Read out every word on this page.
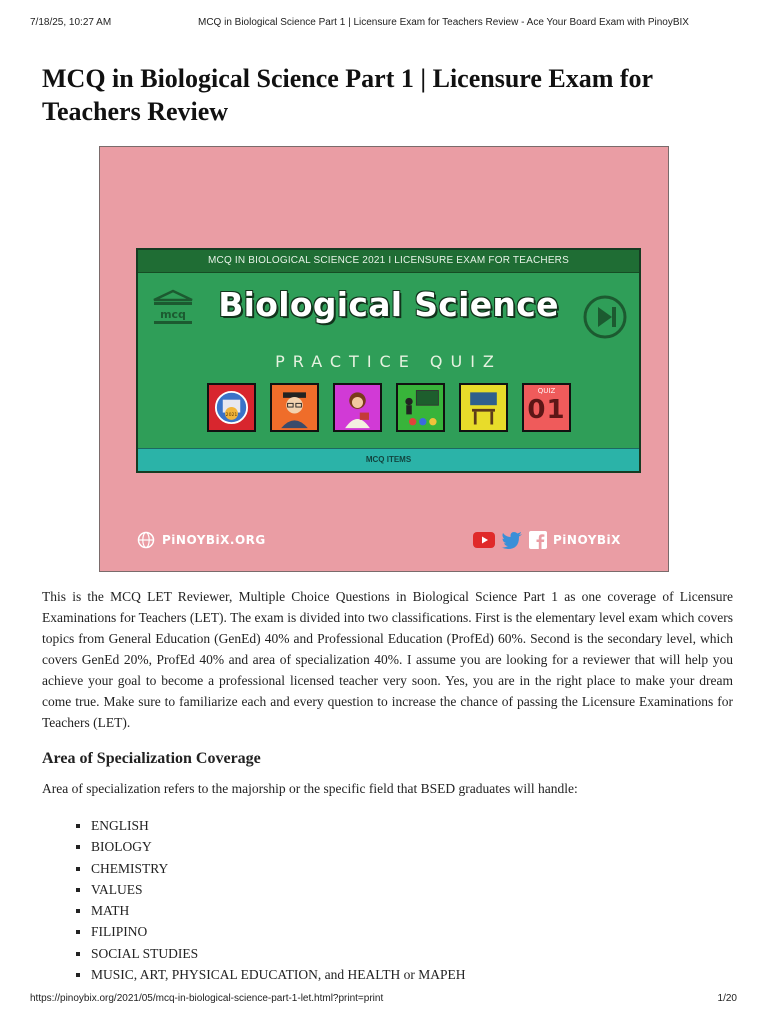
7/18/25, 10:27 AM	MCQ in Biological Science Part 1 | Licensure Exam for Teachers Review - Ace Your Board Exam with PinoyBIX
MCQ in Biological Science Part 1 | Licensure Exam for Teachers Review
MCQ IN BIOLOGICAL SCIENCE 2021 I LICENSURE EXAM FOR TEACHERS
mcq Biological Science
PRACTICE QUIZ
2021
QUIZ
01
MCQ ITEMS
PiNOYBiX.ORG	PiNOYBiX

This is the MCQ LET Reviewer, Multiple Choice Questions in Biological Science Part 1 as one coverage of Licensure Examinations for Teachers (LET). The exam is divided into two classifications. First is the elementary level exam which covers topics from General Education (GenEd) 40% and Professional Education (ProfEd) 60%. Second is the secondary level, which covers GenEd 20%, ProfEd 40% and area of specialization 40%. I assume you are looking for a reviewer that will help you achieve your goal to become a professional licensed teacher very soon. Yes, you are in the right place to make your dream come true. Make sure to familiarize each and every question to increase the chance of passing the Licensure Examinations for Teachers (LET).

Area of Specialization Coverage

Area of specialization refers to the majorship or the specific field that BSED graduates will handle:

ENGLISH
BIOLOGY
CHEMISTRY
VALUES
MATH
FILIPINO
SOCIAL STUDIES
MUSIC, ART, PHYSICAL EDUCATION, and HEALTH or MAPEH
https://pinoybix.org/2021/05/mcq-in-biological-science-part-1-let.html?print=print	1/20
